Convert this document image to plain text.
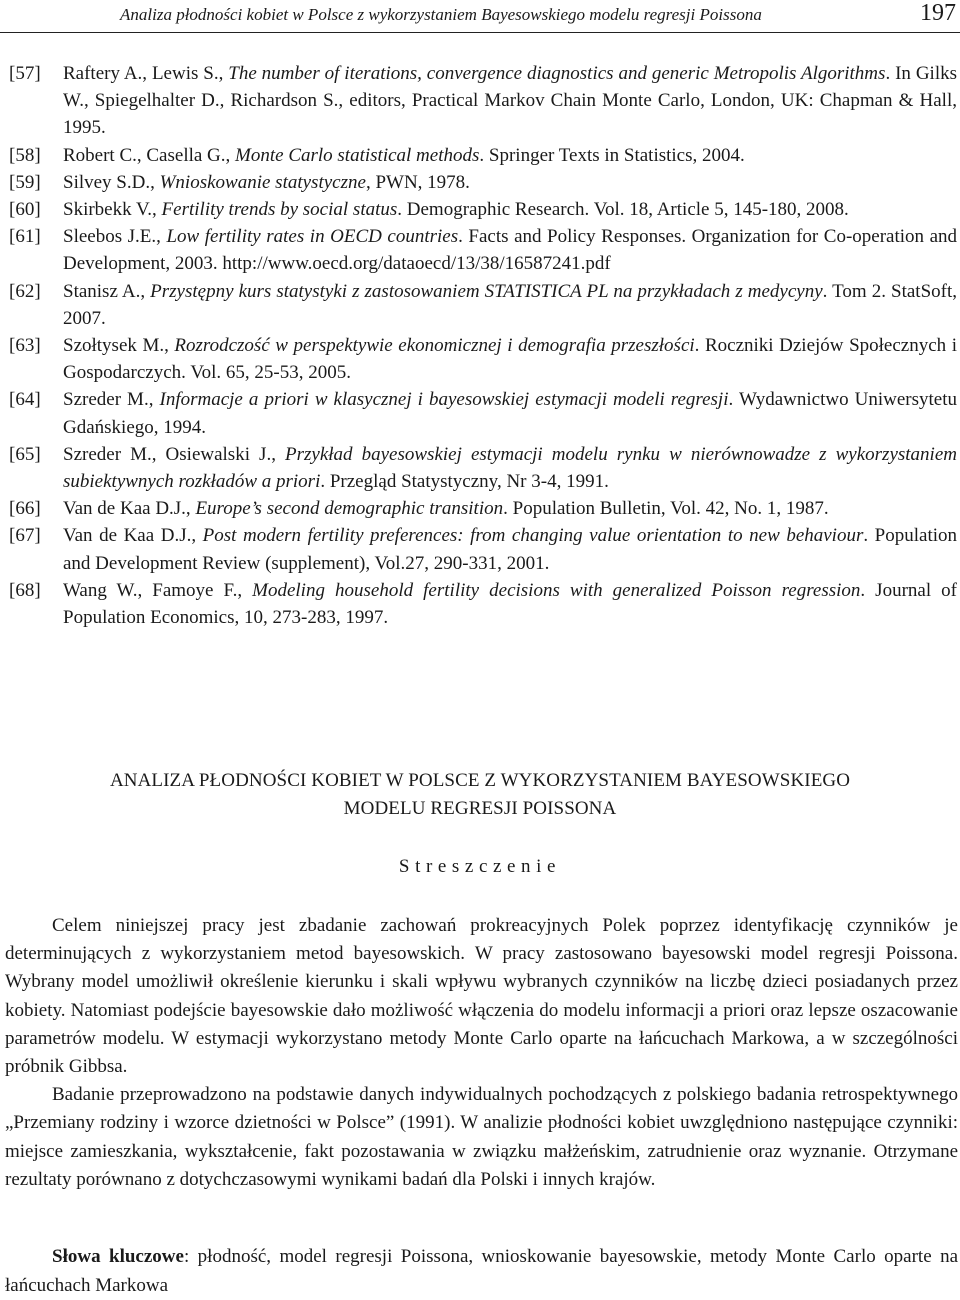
Analiza płodności kobiet w Polsce z wykorzystaniem Bayesowskiego modelu regresji Poissona	197
[57]	Raftery A., Lewis S., The number of iterations, convergence diagnostics and generic Metropolis Algorithms. In Gilks W., Spiegelhalter D., Richardson S., editors, Practical Markov Chain Monte Carlo, London, UK: Chapman & Hall, 1995.
[58]	Robert C., Casella G., Monte Carlo statistical methods. Springer Texts in Statistics, 2004.
[59]	Silvey S.D., Wnioskowanie statystyczne, PWN, 1978.
[60]	Skirbekk V., Fertility trends by social status. Demographic Research. Vol. 18, Article 5, 145-180, 2008.
[61]	Sleebos J.E., Low fertility rates in OECD countries. Facts and Policy Responses. Organization for Co-operation and Development, 2003. http://www.oecd.org/dataoecd/13/38/16587241.pdf
[62]	Stanisz A., Przystępny kurs statystyki z zastosowaniem STATISTICA PL na przykładach z medycyny. Tom 2. StatSoft, 2007.
[63]	Szołtysek M., Rozrodczość w perspektywie ekonomicznej i demografia przeszłości. Roczniki Dziejów Społecznych i Gospodarczych. Vol. 65, 25-53, 2005.
[64]	Szreder M., Informacje a priori w klasycznej i bayesowskiej estymacji modeli regresji. Wydawnictwo Uniwersytetu Gdańskiego, 1994.
[65]	Szreder M., Osiewalski J., Przykład bayesowskiej estymacji modelu rynku w nierównowadze z wykorzystaniem subiektywnych rozkładów a priori. Przegląd Statystyczny, Nr 3-4, 1991.
[66]	Van de Kaa D.J., Europe’s second demographic transition. Population Bulletin, Vol. 42, No. 1, 1987.
[67]	Van de Kaa D.J., Post modern fertility preferences: from changing value orientation to new behaviour. Population and Development Review (supplement), Vol.27, 290-331, 2001.
[68]	Wang W., Famoye F., Modeling household fertility decisions with generalized Poisson regression. Journal of Population Economics, 10, 273-283, 1997.
ANALIZA PŁODNOŚCI KOBIET W POLSCE Z WYKORZYSTANIEM BAYESOWSKIEGO
MODELU REGRESJI POISSONA
Streszczenie

Celem niniejszej pracy jest zbadanie zachowań prokreacyjnych Polek poprzez identyfikację czynników je determinujących z wykorzystaniem metod bayesowskich. W pracy zastosowano bayesowski model regresji Poissona. Wybrany model umożliwił określenie kierunku i skali wpływu wybranych czynników na liczbę dzieci posiadanych przez kobiety. Natomiast podejście bayesowskie dało możliwość włączenia do modelu informacji a priori oraz lepsze oszacowanie parametrów modelu. W estymacji wykorzystano metody Monte Carlo oparte na łańcuchach Markowa, a w szczególności próbnik Gibbsa.

Badanie przeprowadzono na podstawie danych indywidualnych pochodzących z polskiego badania retrospektywnego „Przemiany rodziny i wzorce dzietności w Polsce” (1991). W analizie płodności kobiet uwzględniono następujące czynniki: miejsce zamieszkania, wykształcenie, fakt pozostawania w związku małżeńskim, zatrudnienie oraz wyznanie. Otrzymane rezultaty porównano z dotychczasowymi wynikami badań dla Polski i innych krajów.

Słowa kluczowe: płodność, model regresji Poissona, wnioskowanie bayesowskie, metody Monte Carlo oparte na łańcuchach Markowa
